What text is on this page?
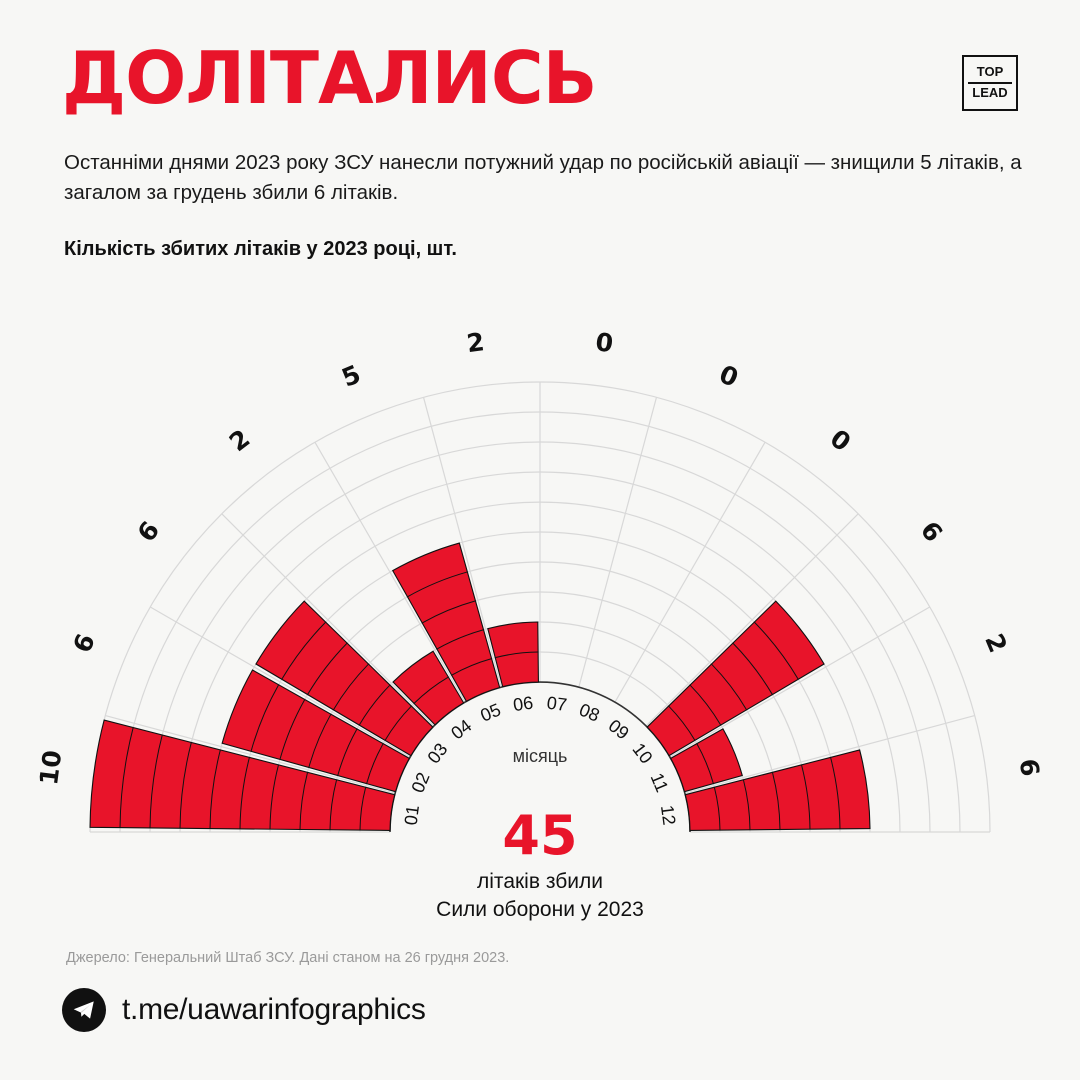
ДОЛІТАЛИСЬ	TOP
LEAD
Останніми днями 2023 року ЗСУ нанесли потужний удар по російській авіації — знищили 5 літаків, а загалом за грудень збили 6 літаків.
Кількість збитих літаків у 2023 році, шт.
01
10	02
6
03
6
04
2
05
5
06
2
07
0
08
0
09
0
10
6
11
2
12
6
місяць
45
літаків збили
Сили оборони у 2023
Джерело: Генеральний Штаб ЗСУ. Дані станом на 26 грудня 2023.
t.me/uawarinfographics
